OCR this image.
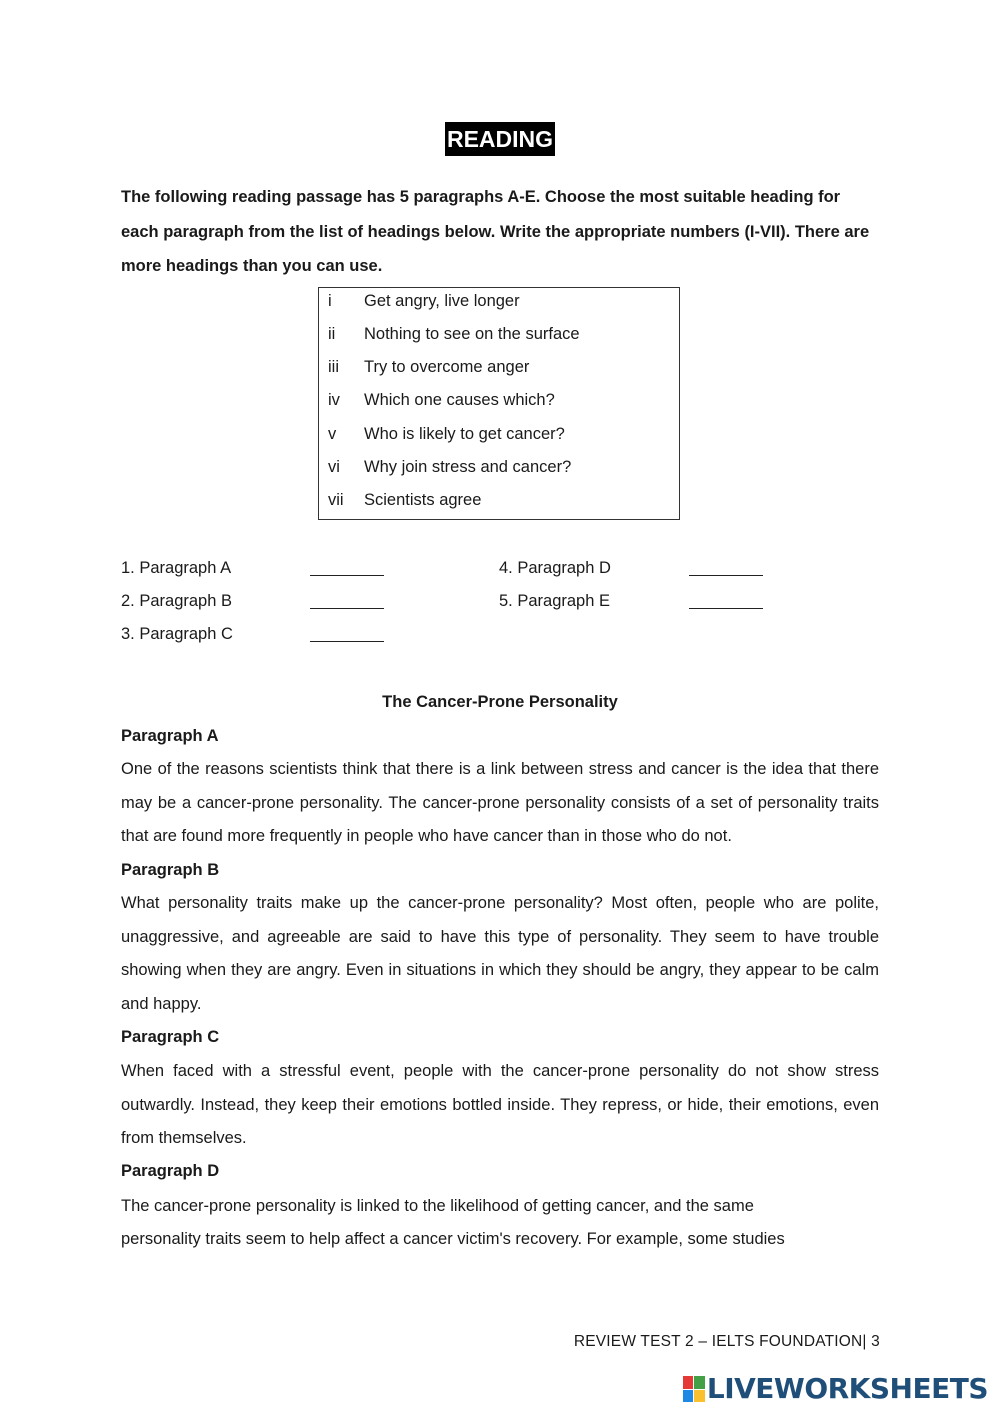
READING

The following reading passage has 5 paragraphs A-E. Choose the most suitable heading for each paragraph from the list of headings below. Write the appropriate numbers (I-VII). There are more headings than you can use.

i Get angry, live longer
ii Nothing to see on the surface
iii Try to overcome anger
iv Which one causes which?
v Who is likely to get cancer?
vi Why join stress and cancer?
vii Scientists agree
1. Paragraph A
2. Paragraph B
3. Paragraph C
4. Paragraph D
5. Paragraph E
The Cancer-Prone Personality
Paragraph A

One of the reasons scientists think that there is a link between stress and cancer is the idea that there may be a cancer-prone personality. The cancer-prone personality consists of a set of personality traits that are found more frequently in people who have cancer than in those who do not.

Paragraph B

What personality traits make up the cancer-prone personality? Most often, people who are polite, unaggressive, and agreeable are said to have this type of personality. They seem to have trouble showing when they are angry. Even in situations in which they should be angry, they appear to be calm and happy.

Paragraph C

When faced with a stressful event, people with the cancer-prone personality do not show stress outwardly. Instead, they keep their emotions bottled inside. They repress, or hide, their emotions, even from themselves.

Paragraph D
The cancer-prone personality is linked to the likelihood of getting cancer, and the same
personality traits seem to help affect a cancer victim's recovery. For example, some studies
REVIEW TEST 2 – IELTS FOUNDATION| 3
LIVEWORKSHEETS
